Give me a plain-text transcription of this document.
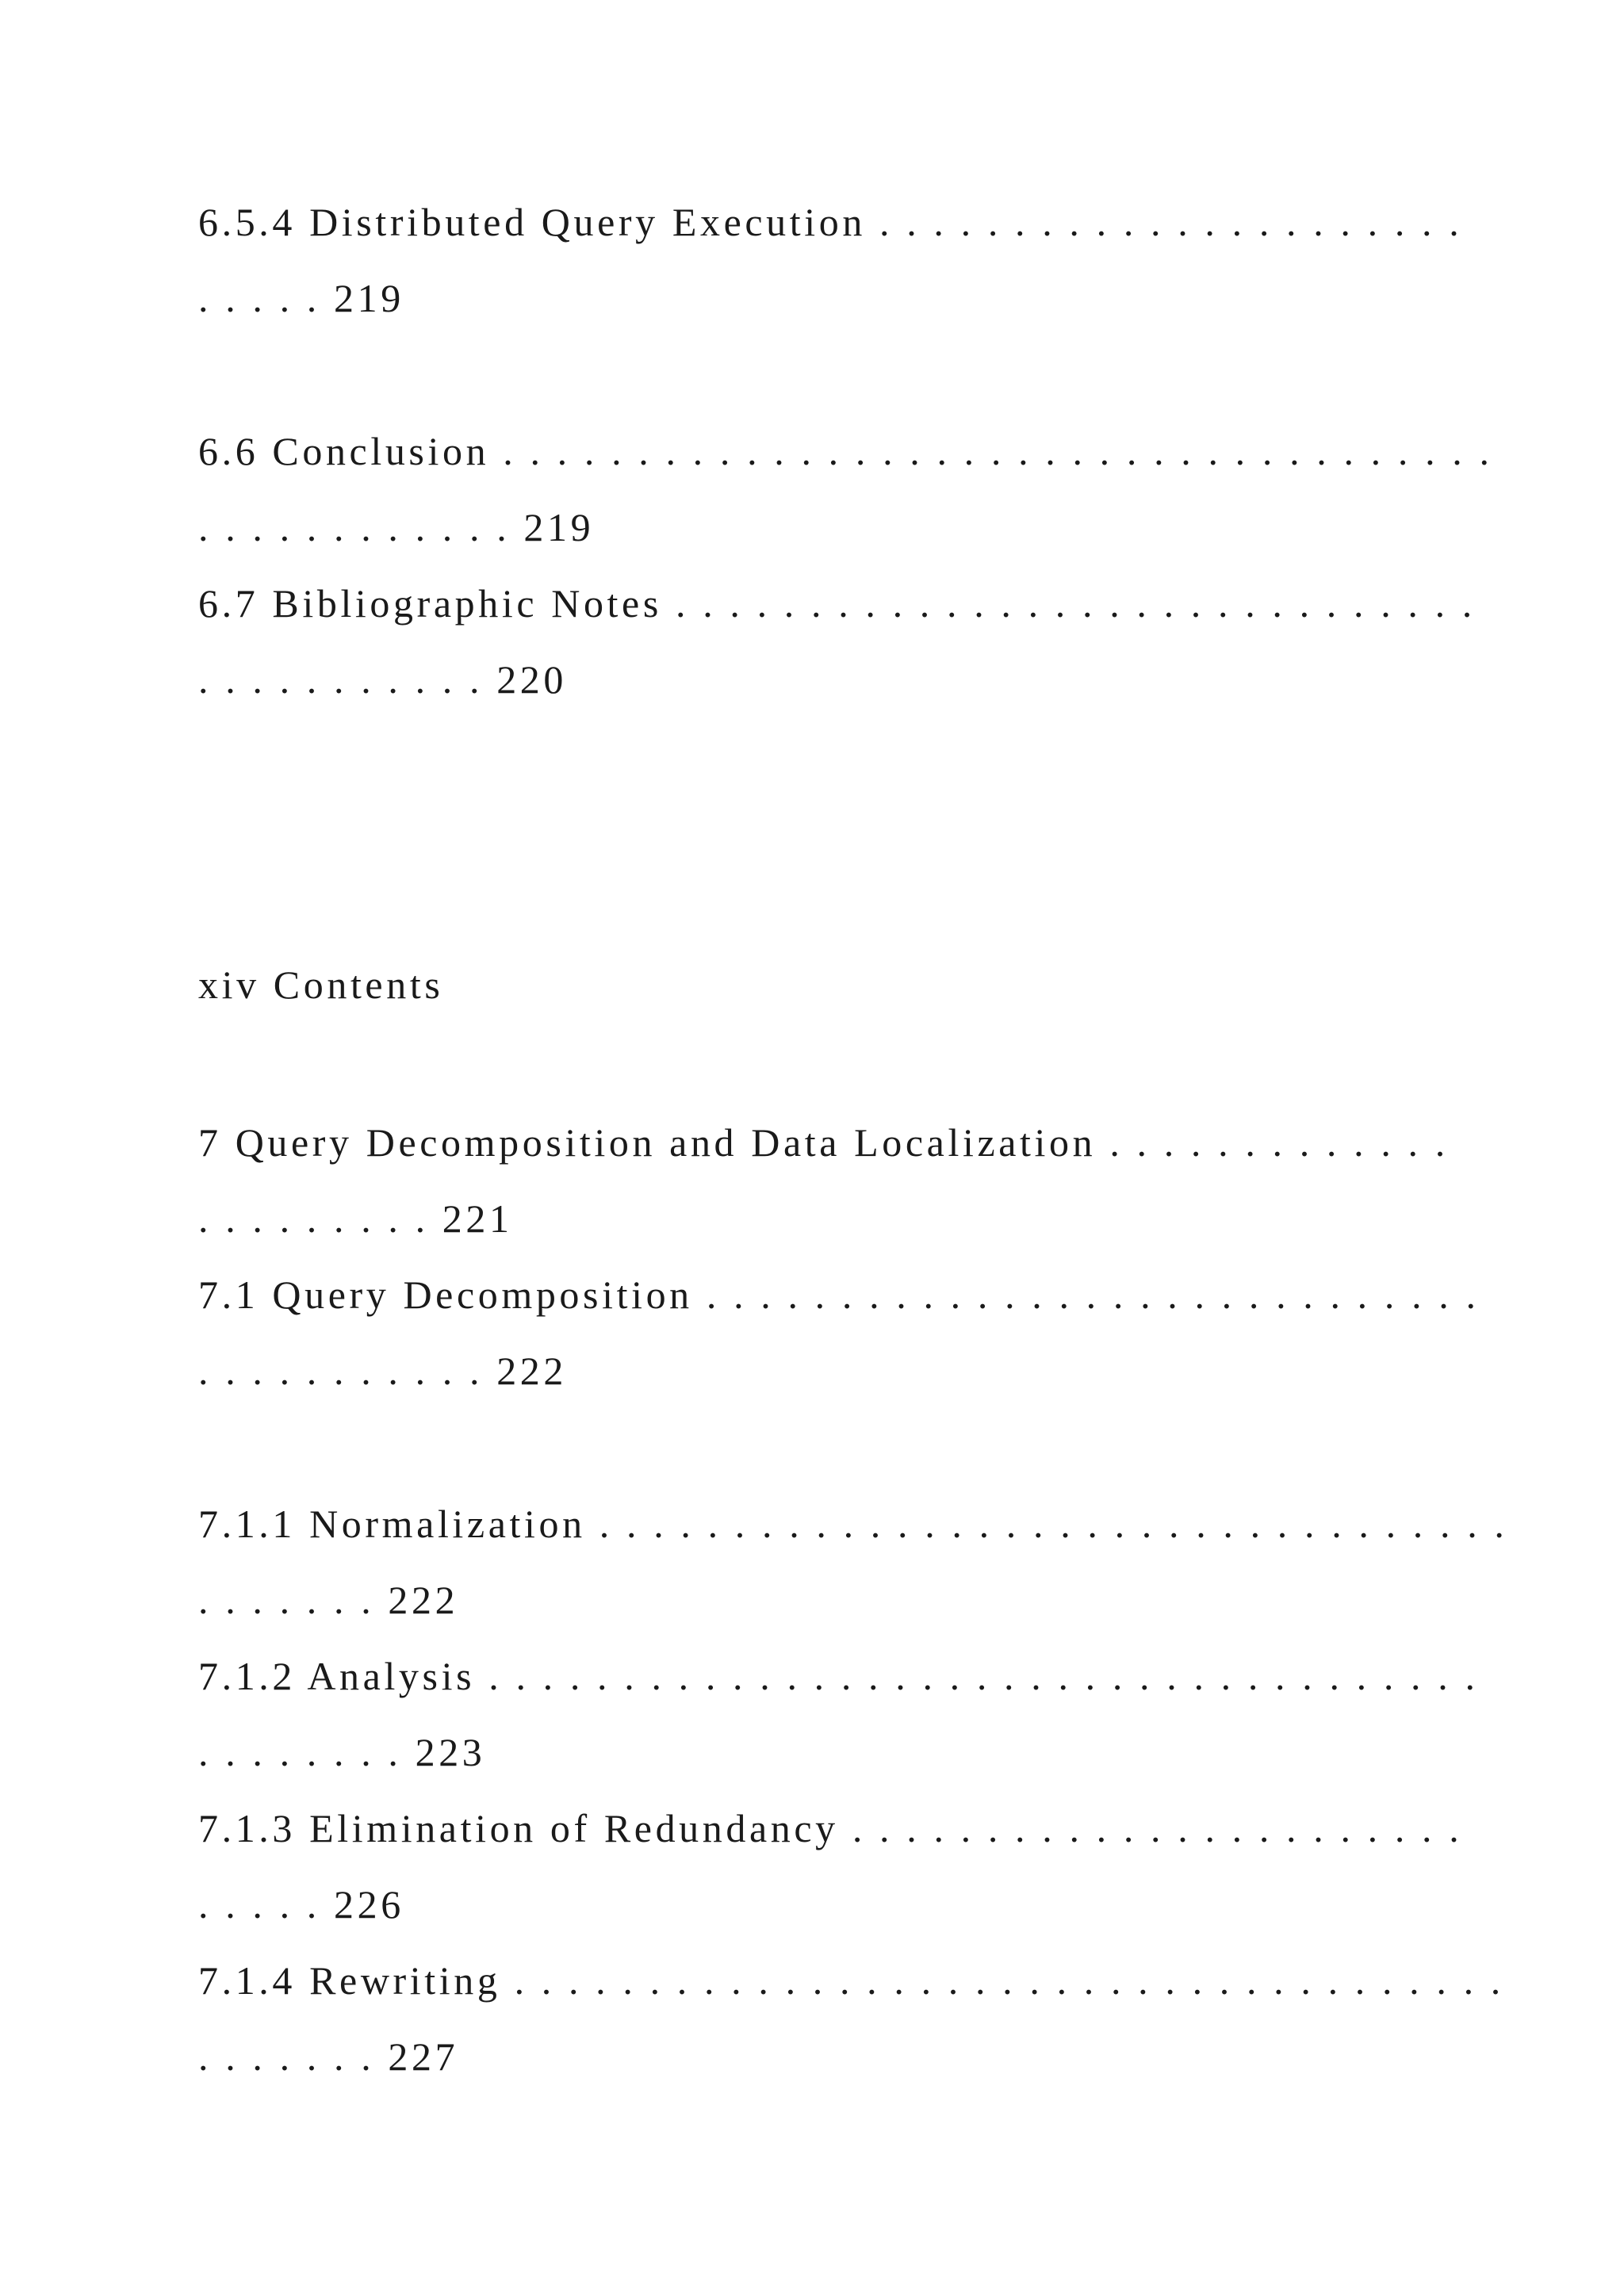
6.5.4 Distributed Query Execution . . . . . . . . . . . . . . . . . . . . . .

. . . . . 219

6.6 Conclusion . . . . . . . . . . . . . . . . . . . . . . . . . . . . . . . . . . . . .

. . . . . . . . . . . . 219

6.7 Bibliographic Notes . . . . . . . . . . . . . . . . . . . . . . . . . . . . . .

. . . . . . . . . . . 220

xiv Contents

7 Query Decomposition and Data Localization . . . . . . . . . . . . .

. . . . . . . . . 221

7.1 Query Decomposition . . . . . . . . . . . . . . . . . . . . . . . . . . . . .

. . . . . . . . . . . 222

7.1.1 Normalization . . . . . . . . . . . . . . . . . . . . . . . . . . . . . . . . . .

. . . . . . . 222

7.1.2 Analysis . . . . . . . . . . . . . . . . . . . . . . . . . . . . . . . . . . . . .

. . . . . . . . 223

7.1.3 Elimination of Redundancy . . . . . . . . . . . . . . . . . . . . . . .

. . . . . 226

7.1.4 Rewriting . . . . . . . . . . . . . . . . . . . . . . . . . . . . . . . . . . . . .

. . . . . . . 227
